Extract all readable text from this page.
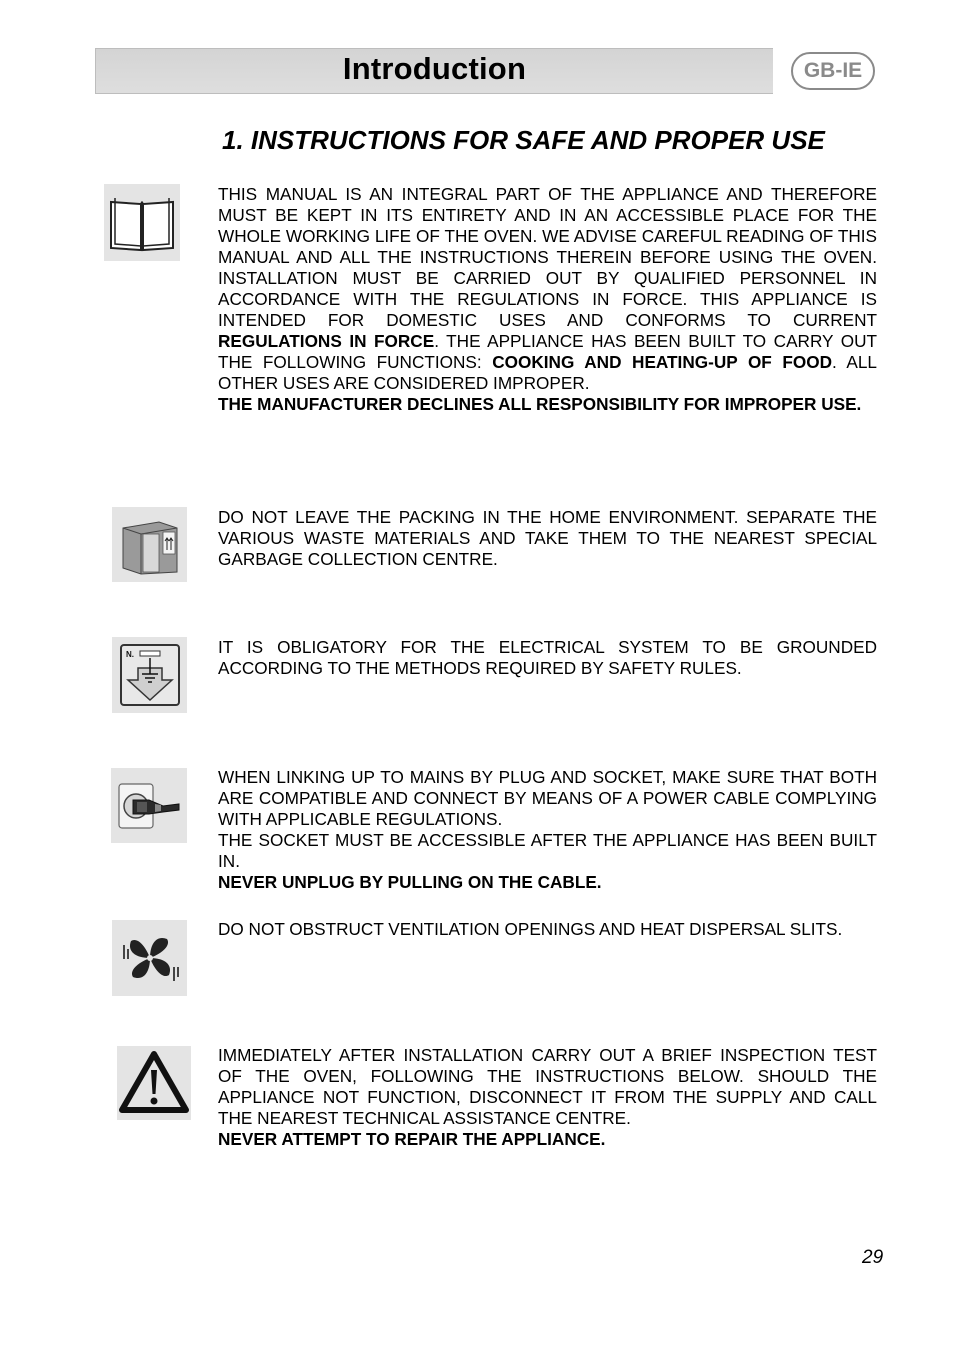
Introduction	GB-IE
1. INSTRUCTIONS FOR SAFE AND PROPER USE

THIS MANUAL IS AN INTEGRAL PART OF THE APPLIANCE AND THEREFORE MUST BE KEPT IN ITS ENTIRETY AND IN AN ACCESSIBLE PLACE FOR THE WHOLE WORKING LIFE OF THE OVEN. WE ADVISE CAREFUL READING OF THIS MANUAL AND ALL THE INSTRUCTIONS THEREIN BEFORE USING THE OVEN. INSTALLATION MUST BE CARRIED OUT BY QUALIFIED PERSONNEL IN ACCORDANCE WITH THE REGULATIONS IN FORCE. THIS APPLIANCE IS INTENDED FOR DOMESTIC USES AND CONFORMS TO CURRENT REGULATIONS IN FORCE. THE APPLIANCE HAS BEEN BUILT TO CARRY OUT THE FOLLOWING FUNCTIONS: COOKING AND HEATING-UP OF FOOD. ALL OTHER USES ARE CONSIDERED IMPROPER.

THE MANUFACTURER DECLINES ALL RESPONSIBILITY FOR IMPROPER USE.

DO NOT LEAVE THE PACKING IN THE HOME ENVIRONMENT. SEPARATE THE VARIOUS WASTE MATERIALS AND TAKE THEM TO THE NEAREST SPECIAL GARBAGE COLLECTION CENTRE.

N.	IT IS OBLIGATORY FOR THE ELECTRICAL SYSTEM TO BE GROUNDED ACCORDING TO THE METHODS REQUIRED BY SAFETY RULES.

WHEN LINKING UP TO MAINS BY PLUG AND SOCKET, MAKE SURE THAT BOTH ARE COMPATIBLE AND CONNECT BY MEANS OF A POWER CABLE COMPLYING WITH APPLICABLE REGULATIONS.

THE SOCKET MUST BE ACCESSIBLE AFTER THE APPLIANCE HAS BEEN BUILT IN.

NEVER UNPLUG BY PULLING ON THE CABLE.

DO NOT OBSTRUCT VENTILATION OPENINGS AND HEAT DISPERSAL SLITS.

IMMEDIATELY AFTER INSTALLATION CARRY OUT A BRIEF INSPECTION TEST OF THE OVEN, FOLLOWING THE INSTRUCTIONS BELOW. SHOULD THE APPLIANCE NOT FUNCTION, DISCONNECT IT FROM THE SUPPLY AND CALL THE NEAREST TECHNICAL ASSISTANCE CENTRE.

NEVER ATTEMPT TO REPAIR THE APPLIANCE.

29
